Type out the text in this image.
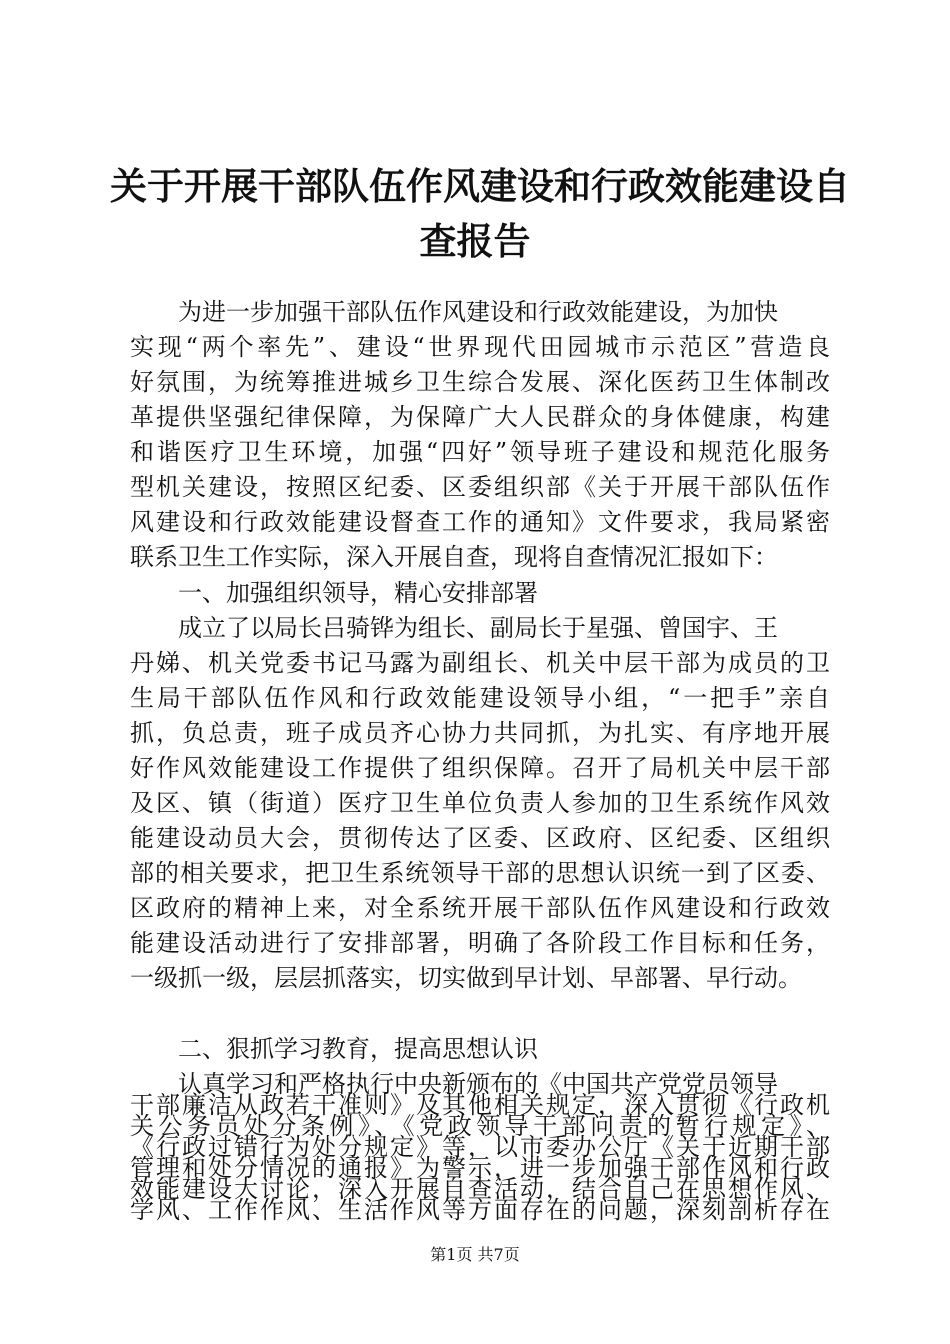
关于开展干部队伍作风建设和行政效能建设自
查报告
为进一步加强干部队伍作风建设和行政效能建设，为加快
实现“两个率先”、建设“世界现代田园城市示范区”营造良
好氛围，为统筹推进城乡卫生综合发展、深化医药卫生体制改
革提供坚强纪律保障，为保障广大人民群众的身体健康，构建
和谐医疗卫生环境，加强“四好”领导班子建设和规范化服务
型机关建设，按照区纪委、区委组织部《关于开展干部队伍作
风建设和行政效能建设督查工作的通知》文件要求，我局紧密
联系卫生工作实际，深入开展自查，现将自查情况汇报如下：
一、加强组织领导，精心安排部署
成立了以局长吕骑铧为组长、副局长于星强、曾国宇、王
丹娣、机关党委书记马露为副组长、机关中层干部为成员的卫
生局干部队伍作风和行政效能建设领导小组，“一把手”亲自
抓，负总责，班子成员齐心协力共同抓，为扎实、有序地开展
好作风效能建设工作提供了组织保障。召开了局机关中层干部
及区、镇（街道）医疗卫生单位负责人参加的卫生系统作风效
能建设动员大会，贯彻传达了区委、区政府、区纪委、区组织
部的相关要求，把卫生系统领导干部的思想认识统一到了区委、
区政府的精神上来，对全系统开展干部队伍作风建设和行政效
能建设活动进行了安排部署，明确了各阶段工作目标和任务，
一级抓一级，层层抓落实，切实做到早计划、早部署、早行动。
二、狠抓学习教育，提高思想认识
认真学习和严格执行中央新颁布的《中国共产党党员领导
干部廉洁从政若干准则》及其他相关规定，深入贯彻《行政机
关公务员处分条例》、《党政领导干部问责的暂行规定》、
《行政过错行为处分规定》等，以市委办公厅《关于近期干部
管理和处分情况的通报》为警示，进一步加强干部作风和行政
第1页 共7页
效能建设大讨论，深入开展自查活动，结合自己在思想作风、
学风、工作作风、生活作风等方面存在的问题，深刻剖析存在
